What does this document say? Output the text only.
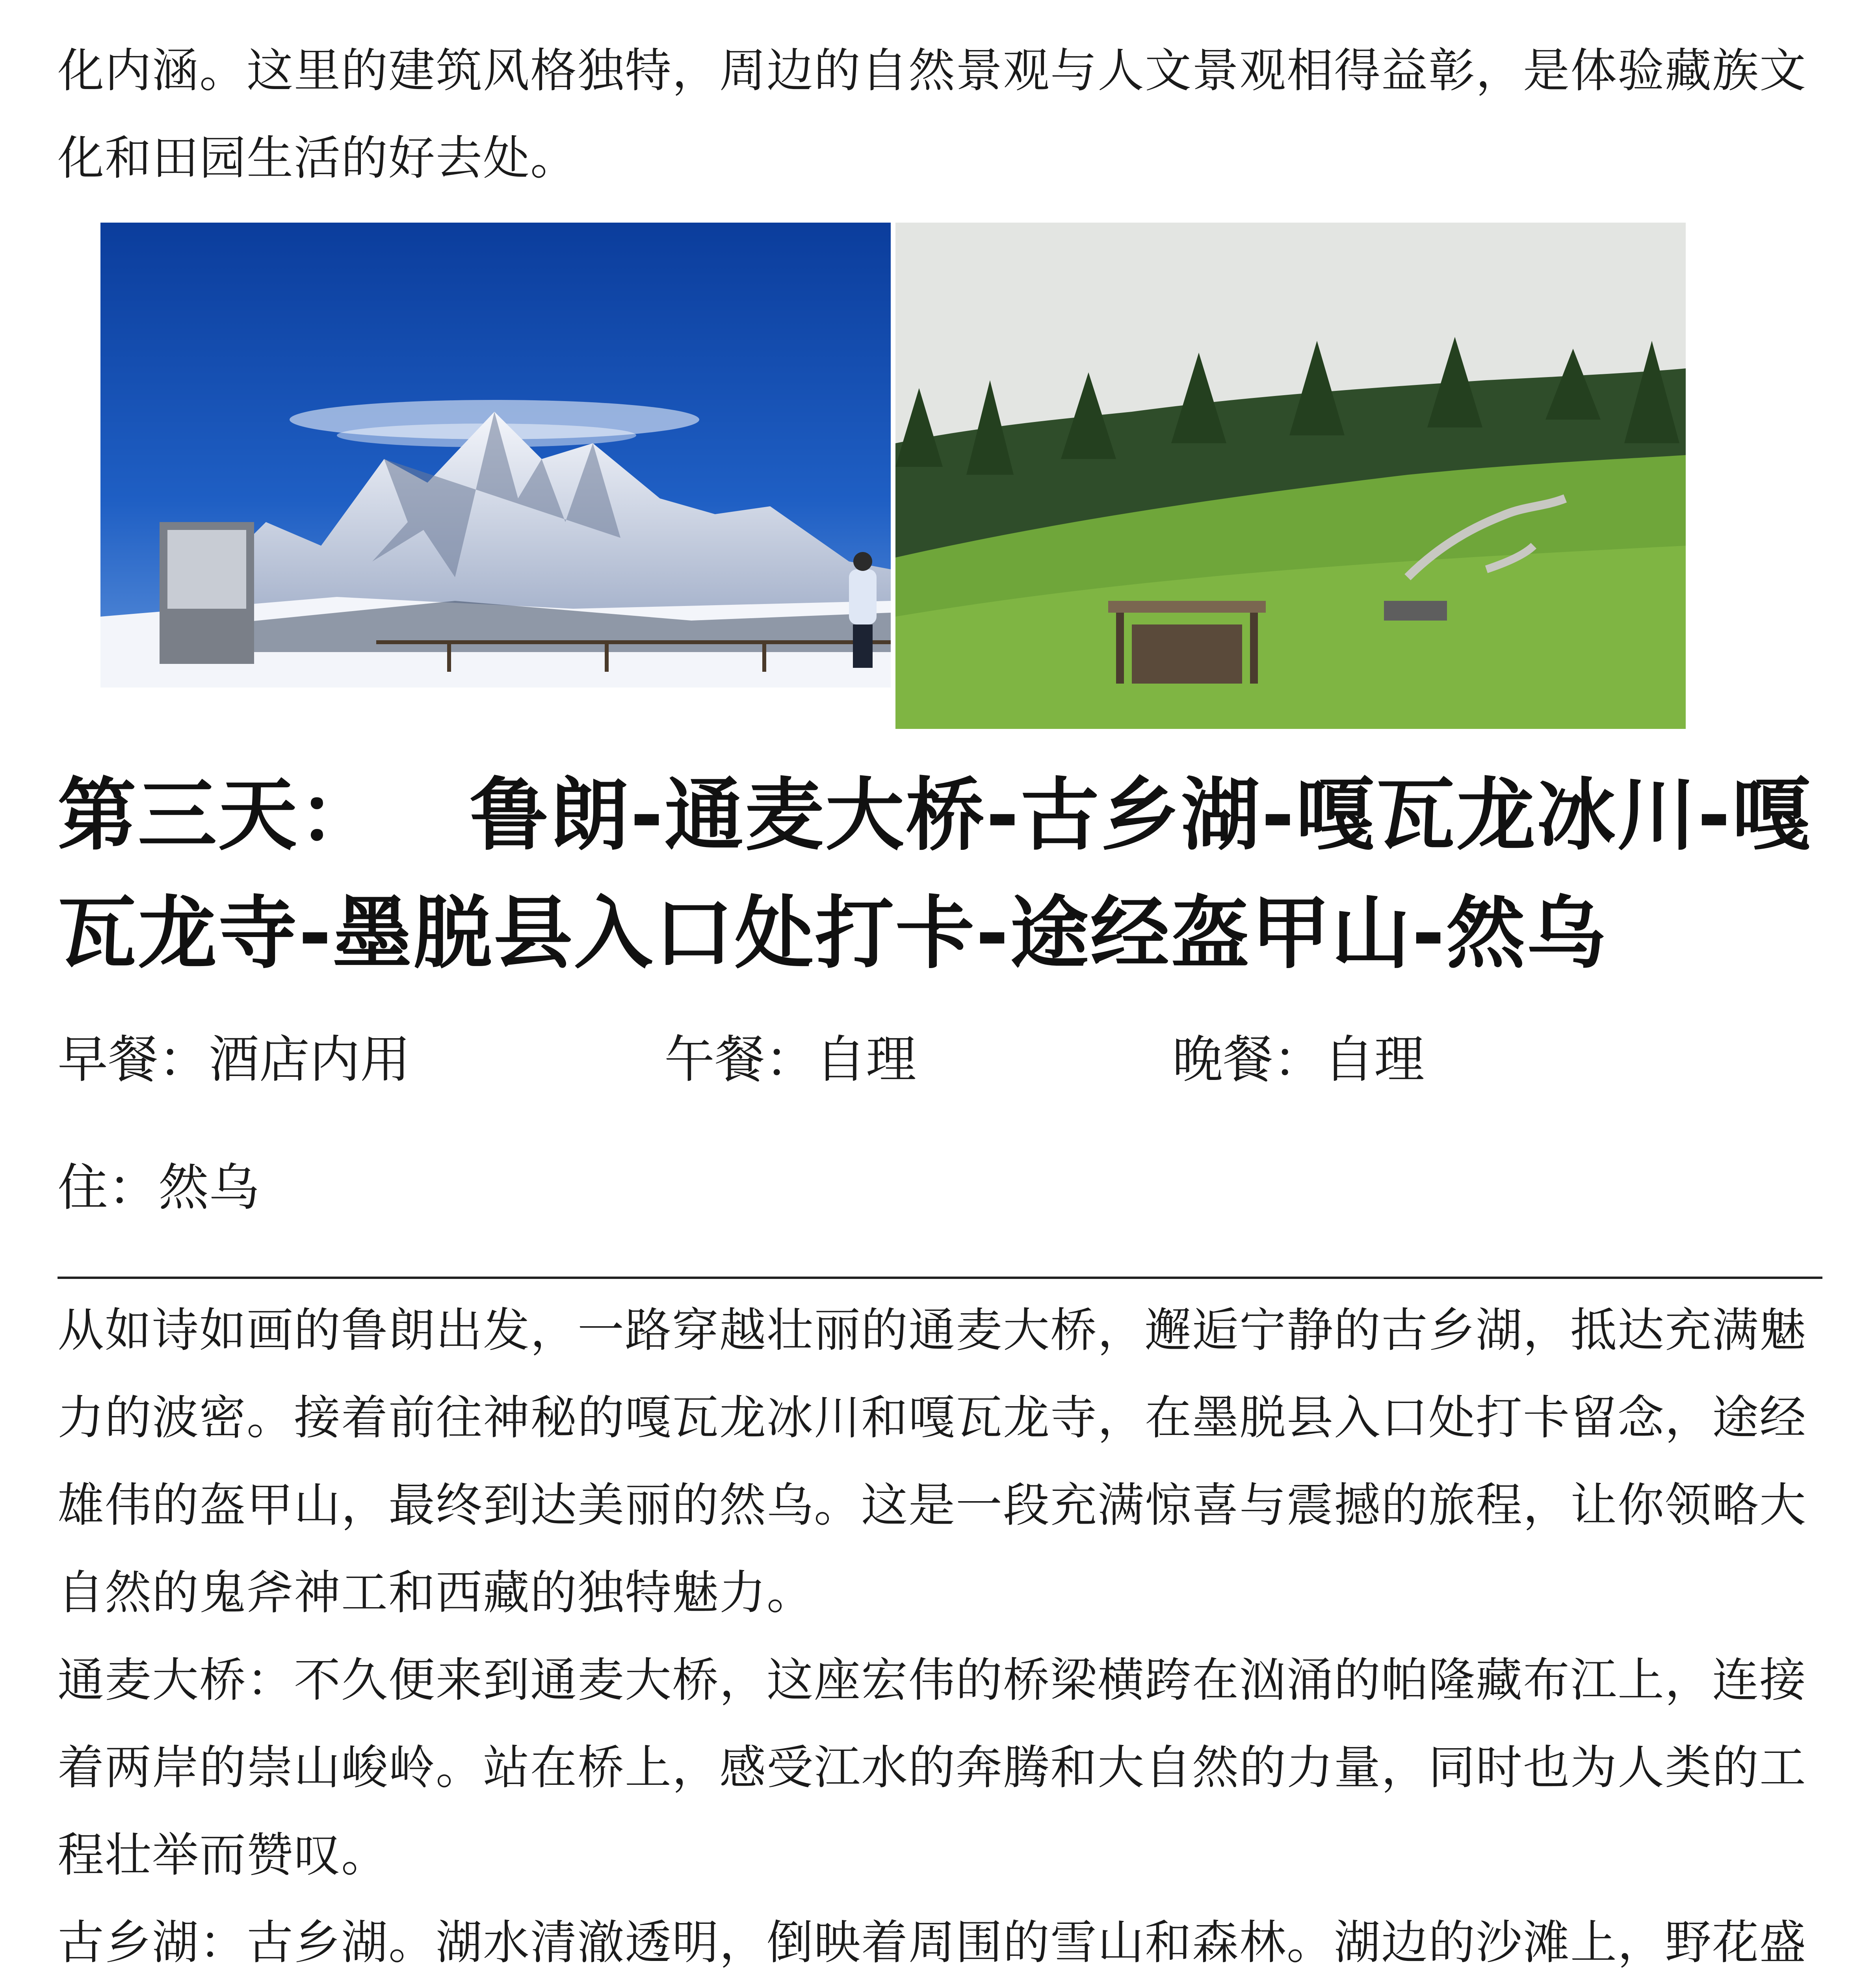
化内涵。这里的建筑风格独特，周边的自然景观与人文景观相得益彰，是体验藏族文化和田园生活的好去处。

第三天： 鲁朗-通麦大桥-古乡湖-嘎瓦龙冰川-嘎瓦龙寺-墨脱县入口处打卡-途经盔甲山-然乌
早餐：酒店内用	午餐：自理	晚餐：自理
住：然乌

从如诗如画的鲁朗出发，一路穿越壮丽的通麦大桥，邂逅宁静的古乡湖，抵达充满魅力的波密。接着前往神秘的嘎瓦龙冰川和嘎瓦龙寺，在墨脱县入口处打卡留念，途经雄伟的盔甲山，最终到达美丽的然乌。这是一段充满惊喜与震撼的旅程，让你领略大自然的鬼斧神工和西藏的独特魅力。

通麦大桥：不久便来到通麦大桥，这座宏伟的桥梁横跨在汹涌的帕隆藏布江上，连接着两岸的崇山峻岭。站在桥上，感受江水的奔腾和大自然的力量，同时也为人类的工程壮举而赞叹。

古乡湖：古乡湖。湖水清澈透明，倒映着周围的雪山和森林。湖边的沙滩上，野花盛
